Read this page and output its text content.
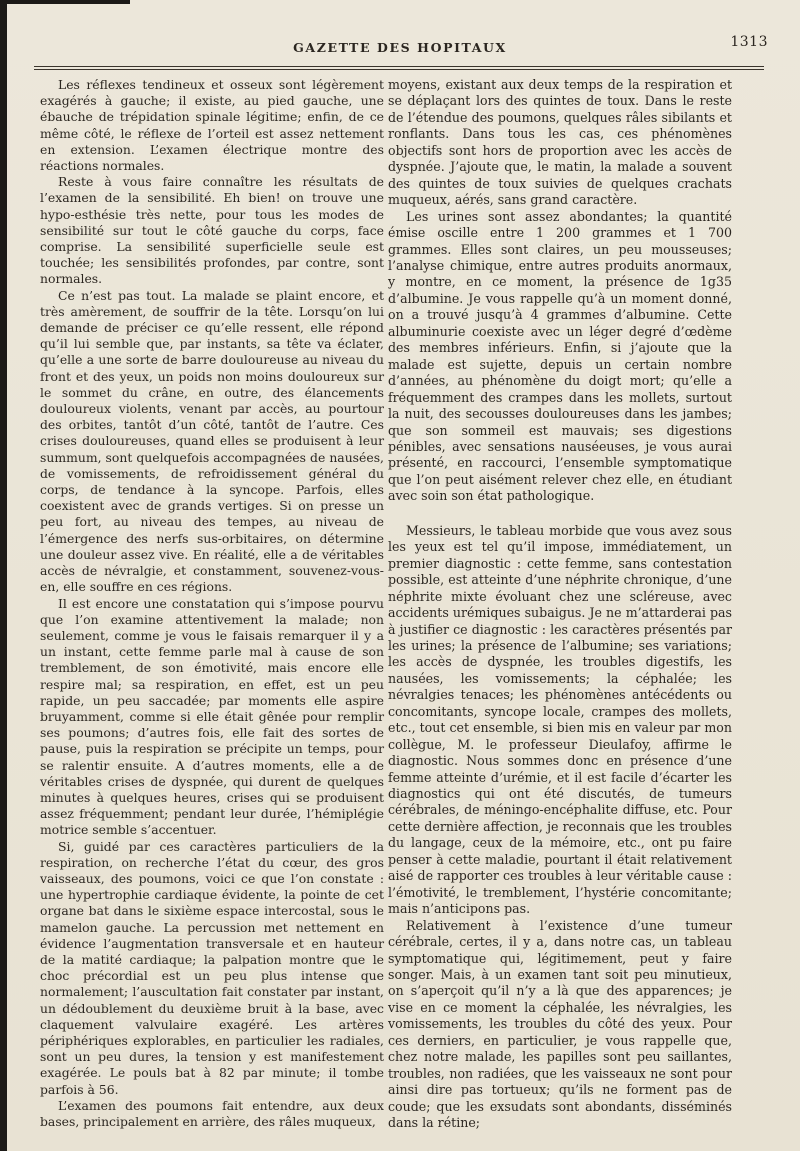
GAZETTE DES HOPITAUX	1313

Les réflexes tendineux et osseux sont légèrement exagérés à gauche; il existe, au pied gauche, une ébauche de trépidation spinale légitime; enfin, de ce même côté, le réflexe de l’orteil est assez nettement en extension. L’examen électrique montre des réactions normales.

Reste à vous faire connaître les résultats de l’examen de la sensibilité. Eh bien! on trouve une hypo-esthésie très nette, pour tous les modes de sensibilité sur tout le côté gauche du corps, face comprise. La sensibilité superficielle seule est touchée; les sensibilités profondes, par contre, sont normales.

Ce n’est pas tout. La malade se plaint encore, et très amèrement, de souffrir de la tête. Lorsqu’on lui demande de préciser ce qu’elle ressent, elle répond qu’il lui semble que, par instants, sa tête va éclater, qu’elle a une sorte de barre douloureuse au niveau du front et des yeux, un poids non moins douloureux sur le sommet du crâne, en outre, des élancements douloureux violents, venant par accès, au pourtour des orbites, tantôt d’un côté, tantôt de l’autre. Ces crises douloureuses, quand elles se produisent à leur summum, sont quelquefois accompagnées de nausées, de vomissements, de refroidissement général du corps, de tendance à la syncope. Parfois, elles coexistent avec de grands vertiges. Si on presse un peu fort, au niveau des tempes, au niveau de l’émergence des nerfs sus-orbitaires, on détermine une douleur assez vive. En réalité, elle a de véritables accès de névralgie, et constamment, souvenez-vous-en, elle souffre en ces régions.

Il est encore une constatation qui s’impose pourvu que l’on examine attentivement la malade; non seulement, comme je vous le faisais remarquer il y a un instant, cette femme parle mal à cause de son tremblement, de son émotivité, mais encore elle respire mal; sa respiration, en effet, est un peu rapide, un peu saccadée; par moments elle aspire bruyamment, comme si elle était gênée pour remplir ses poumons; d’autres fois, elle fait des sortes de pause, puis la respiration se précipite un temps, pour se ralentir ensuite. A d’autres moments, elle a de véritables crises de dyspnée, qui durent de quelques minutes à quelques heures, crises qui se produisent assez fréquemment; pendant leur durée, l’hémiplégie motrice semble s’accentuer.

Si, guidé par ces caractères particuliers de la respiration, on recherche l’état du cœur, des gros vaisseaux, des poumons, voici ce que l’on constate : une hypertrophie cardiaque évidente, la pointe de cet organe bat dans le sixième espace intercostal, sous le mamelon gauche. La percussion met nettement en évidence l’augmentation transversale et en hauteur de la matité cardiaque; la palpation montre que le choc précordial est un peu plus intense que normalement; l’auscultation fait constater par instant, un dédoublement du deuxième bruit à la base, avec claquement valvulaire exagéré. Les artères périphériques explorables, en particulier les radiales, sont un peu dures, la tension y est manifestement exagérée. Le pouls bat à 82 par minute; il tombe parfois à 56.

L’examen des poumons fait entendre, aux deux bases, principalement en arrière, des râles muqueux,

moyens, existant aux deux temps de la respiration et se déplaçant lors des quintes de toux. Dans le reste de l’étendue des poumons, quelques râles sibilants et ronflants. Dans tous les cas, ces phénomènes objectifs sont hors de proportion avec les accès de dyspnée. J’ajoute que, le matin, la malade a souvent des quintes de toux suivies de quelques crachats muqueux, aérés, sans grand caractère.

Les urines sont assez abondantes; la quantité émise oscille entre 1 200 grammes et 1 700 grammes. Elles sont claires, un peu mousseuses; l’analyse chimique, entre autres produits anormaux, y montre, en ce moment, la présence de 1g35 d’albumine. Je vous rappelle qu’à un moment donné, on a trouvé jusqu’à 4 grammes d’albumine. Cette albuminurie coexiste avec un léger degré d’œdème des membres inférieurs. Enfin, si j’ajoute que la malade est sujette, depuis un certain nombre d’années, au phénomène du doigt mort; qu’elle a fréquemment des crampes dans les mollets, surtout la nuit, des secousses douloureuses dans les jambes; que son sommeil est mauvais; ses digestions pénibles, avec sensations nauséeuses, je vous aurai présenté, en raccourci, l’ensemble symptomatique que l’on peut aisément relever chez elle, en étudiant avec soin son état pathologique.

Messieurs, le tableau morbide que vous avez sous les yeux est tel qu’il impose, immédiatement, un premier diagnostic : cette femme, sans contestation possible, est atteinte d’une néphrite chronique, d’une néphrite mixte évoluant chez une scléreuse, avec accidents urémiques subaigus. Je ne m’attarderai pas à justifier ce diagnostic : les caractères présentés par les urines; la présence de l’albumine; ses variations; les accès de dyspnée, les troubles digestifs, les nausées, les vomissements; la céphalée; les névralgies tenaces; les phénomènes antécédents ou concomitants, syncope locale, crampes des mollets, etc., tout cet ensemble, si bien mis en valeur par mon collègue, M. le professeur Dieulafoy, affirme le diagnostic. Nous sommes donc en présence d’une femme atteinte d’urémie, et il est facile d’écarter les diagnostics qui ont été discutés, de tumeurs cérébrales, de méningo-encéphalite diffuse, etc. Pour cette dernière affection, je reconnais que les troubles du langage, ceux de la mémoire, etc., ont pu faire penser à cette maladie, pourtant il était relativement aisé de rapporter ces troubles à leur véritable cause : l’émotivité, le tremblement, l’hystérie concomitante; mais n’anticipons pas.

Relativement à l’existence d’une tumeur cérébrale, certes, il y a, dans notre cas, un tableau symptomatique qui, légitimement, peut y faire songer. Mais, à un examen tant soit peu minutieux, on s’aperçoit qu’il n’y a là que des apparences; je vise en ce moment la céphalée, les névralgies, les vomissements, les troubles du côté des yeux. Pour ces derniers, en particulier, je vous rappelle que, chez notre malade, les papilles sont peu saillantes, troubles, non radiées, que les vaisseaux ne sont pour ainsi dire pas tortueux; qu’ils ne forment pas de coude; que les exsudats sont abondants, disséminés dans la rétine;
